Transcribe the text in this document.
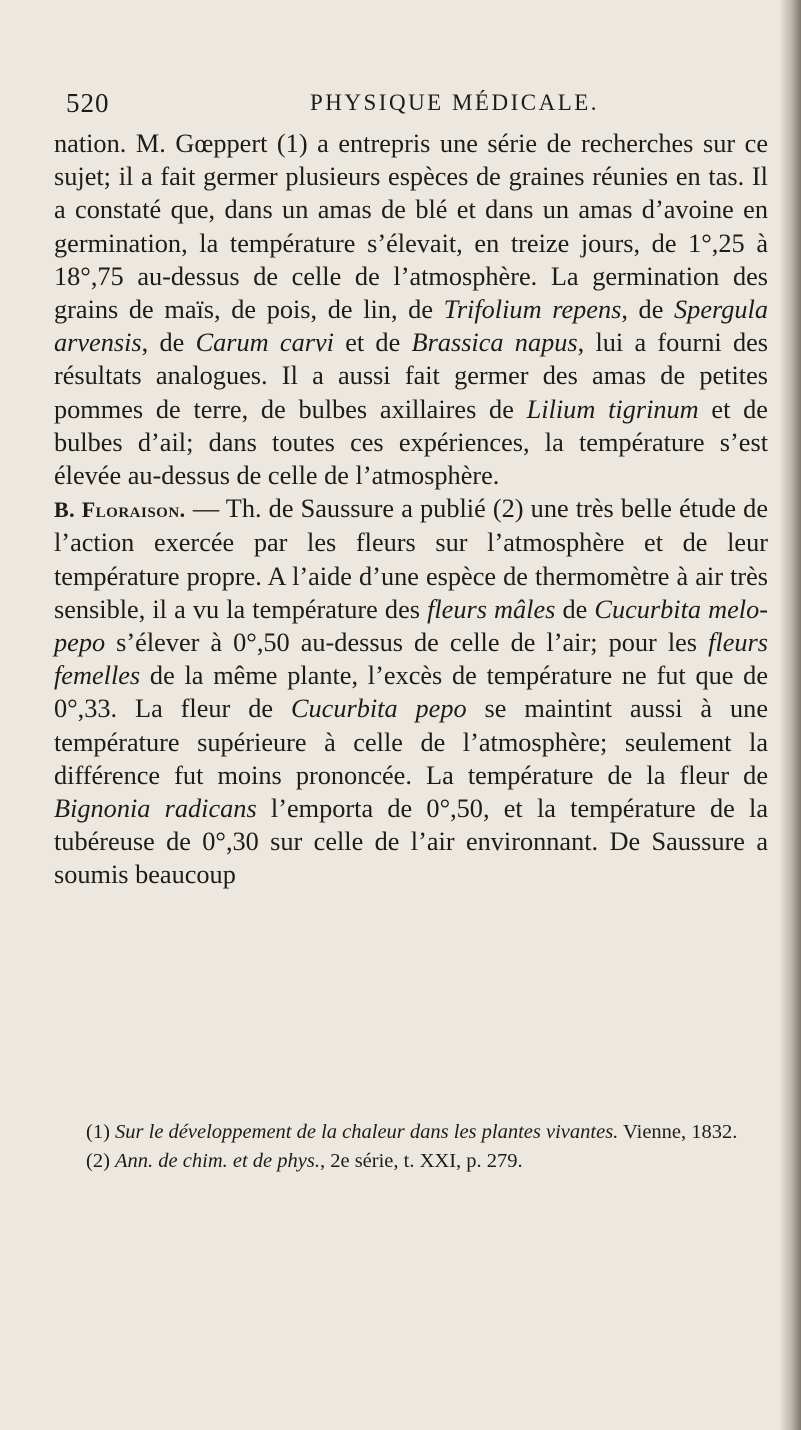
520	PHYSIQUE MÉDICALE.

nation. M. Gœppert (1) a entrepris une série de recherches sur ce sujet; il a fait germer plusieurs espèces de graines réunies en tas. Il a constaté que, dans un amas de blé et dans un amas d’avoine en germination, la température s’élevait, en treize jours, de 1°,25 à 18°,75 au-dessus de celle de l’atmosphère. La germination des grains de maïs, de pois, de lin, de Trifolium repens, de Spergula arvensis, de Carum carvi et de Brassica napus, lui a fourni des résultats analogues. Il a aussi fait germer des amas de petites pommes de terre, de bulbes axillaires de Lilium tigrinum et de bulbes d’ail; dans toutes ces expériences, la température s’est élevée au-dessus de celle de l’atmosphère.

B. Floraison. — Th. de Saussure a publié (2) une très belle étude de l’action exercée par les fleurs sur l’atmosphère et de leur température propre. A l’aide d’une espèce de thermomètre à air très sensible, il a vu la température des fleurs mâles de Cucurbita melo-pepo s’élever à 0°,50 au-dessus de celle de l’air; pour les fleurs femelles de la même plante, l’excès de température ne fut que de 0°,33. La fleur de Cucurbita pepo se maintint aussi à une température supérieure à celle de l’atmosphère; seulement la différence fut moins prononcée. La température de la fleur de Bignonia radicans l’emporta de 0°,50, et la température de la tubéreuse de 0°,30 sur celle de l’air environnant. De Saussure a soumis beaucoup

(1) Sur le développement de la chaleur dans les plantes vivantes. Vienne, 1832.

(2) Ann. de chim. et de phys., 2e série, t. XXI, p. 279.
